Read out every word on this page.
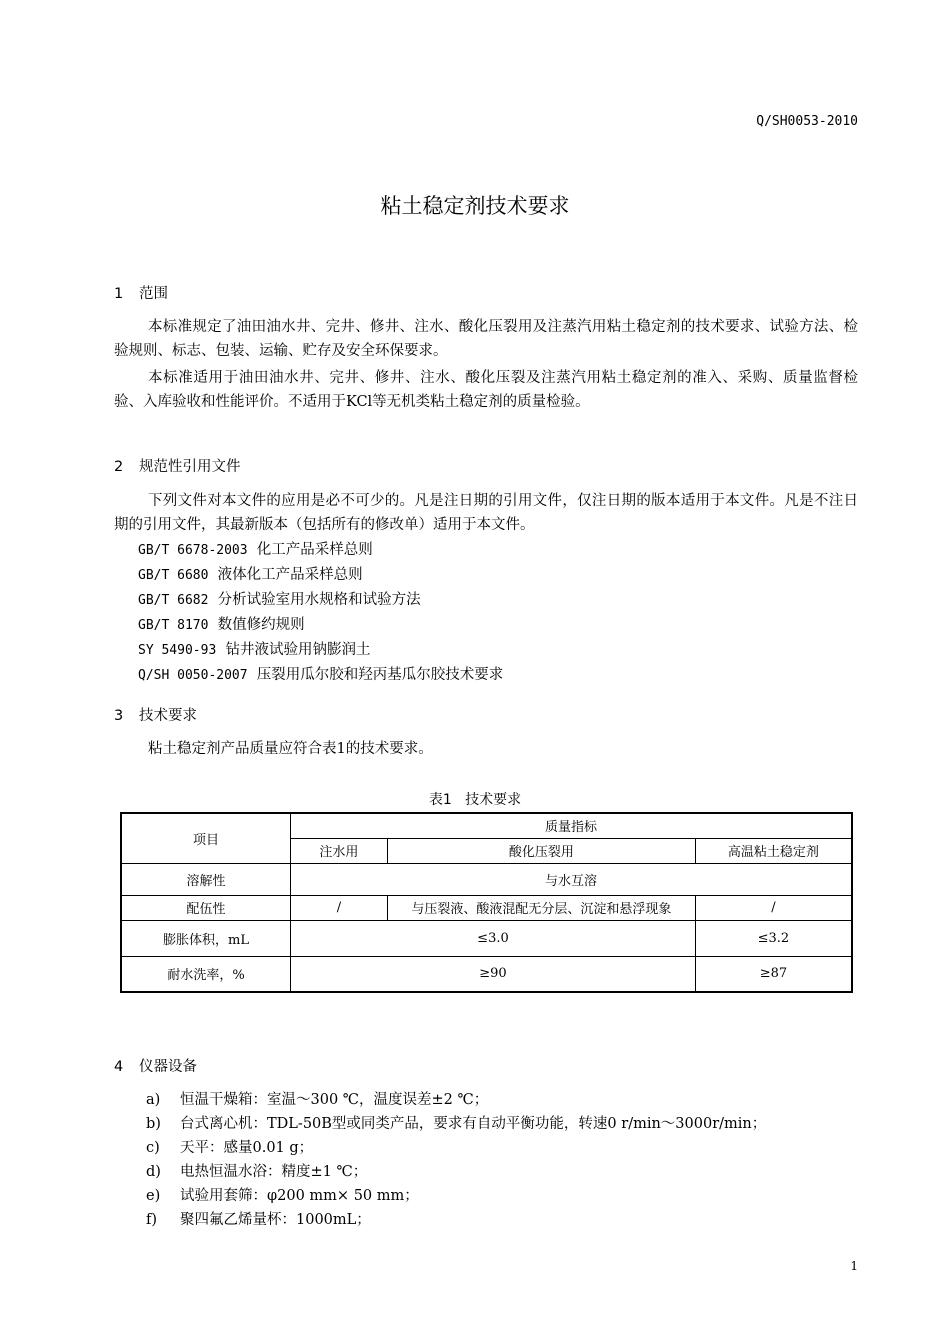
Q/SH0053-2010
粘土稳定剂技术要求
1 范围
本标准规定了油田油水井、完井、修井、注水、酸化压裂用及注蒸汽用粘土稳定剂的技术要求、试验方法、检验规则、标志、包装、运输、贮存及安全环保要求。
本标准适用于油田油水井、完井、修井、注水、酸化压裂及注蒸汽用粘土稳定剂的准入、采购、质量监督检验、入库验收和性能评价。不适用于KCl等无机类粘土稳定剂的质量检验。
2 规范性引用文件
下列文件对本文件的应用是必不可少的。凡是注日期的引用文件，仅注日期的版本适用于本文件。凡是不注日期的引用文件，其最新版本（包括所有的修改单）适用于本文件。
GB/T 6678-2003 化工产品采样总则
GB/T 6680 液体化工产品采样总则
GB/T 6682 分析试验室用水规格和试验方法
GB/T 8170 数值修约规则
SY 5490-93 钻井液试验用钠膨润土
Q/SH 0050-2007 压裂用瓜尔胶和羟丙基瓜尔胶技术要求
3 技术要求
粘土稳定剂产品质量应符合表1的技术要求。
表1   技术要求
项目	质量指标		
	注水用	酸化压裂用	高温粘土稳定剂
溶解性	与水互溶		
配伍性	/	与压裂液、酸液混配无分层、沉淀和悬浮现象	/
膨胀体积，mL	≤3.0		≤3.2
耐水洗率，%	≥90		≥87
4 仪器设备
a) 恒温干燥箱：室温～300 ℃，温度误差±2 ℃；
b) 台式离心机：TDL-50B型或同类产品，要求有自动平衡功能，转速0 r/min～3000r/min；
c) 天平：感量0.01 g；
d) 电热恒温水浴：精度±1 ℃；
e) 试验用套筛：φ200 mm× 50 mm；
f) 聚四氟乙烯量杯：1000mL；
1
